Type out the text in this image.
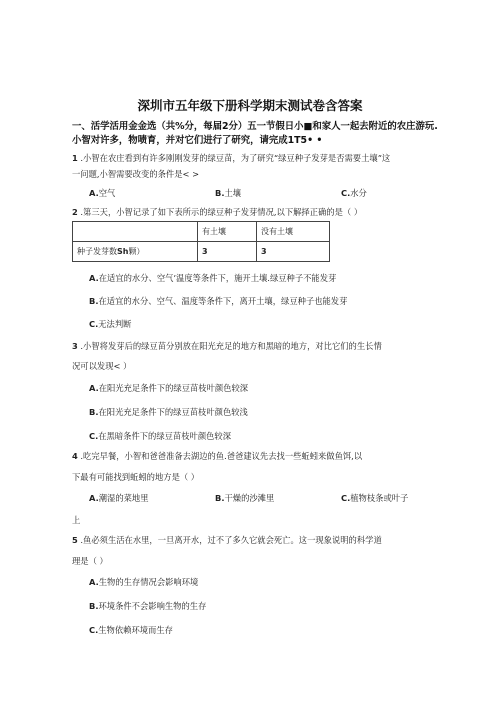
深圳市五年级下册科学期末测试卷含答案
一、活学活用金金选（共%分，每届2分）五一节假日小■和家人一起去附近的农庄游玩.
小智对许多，物啧育，并对它们进行了研究，请完成1T5• •
1 .小智在农庄看到有许多刚刚发芽的绿豆苗，为了研究“绿豆种子发芽是否需要土壤”这
一问题,小智需要改变的条件是< >
A.空气	B.土壤	C.水分
2 .第三天，小智记录了如下表所示的绿豆种子发芽情况,以下解择正确的是（ ）
	有土壤	没有土壤
种子发芽数Sh颗）	3	3
A.在适宜的水分、空气’温度等条件下，施开土壤.绿豆种子不能发芽
B.在适宜的水分、空气、温度等条件下，离开土壤，绿豆种子也能发芽
C.无法判断
3 .小智将发芽后的绿豆苗分别放在阳光充足的地方和黑暗的地方，对比它们的生长情
况可以发现< ）
A.在阳光充足条件下的绿豆苗枝叶颜色较深
B.在阳光充足条件下的绿豆苗枝叶颜色较浅
C.在黑暗条件下的绿豆苗枝叶颜色较深
4 .吃完早餐，小智和爸爸准备去湖边的鱼.爸爸建议先去找一些蚯蚓来做鱼饵,以
下最有可能找到蚯蚓的地方是（ ）
A.潮湿的菜地里	B.干燥的沙滩里	C.植物枝条或叶子
上
5 .鱼必须生活在水里，一旦离开水，过不了多久它就会死亡。这一现象说明的科学道
理是（ ）
A.生物的生存情况会影响环境
B.环境条件不会影响生物的生存
C.生物依赖环境而生存
